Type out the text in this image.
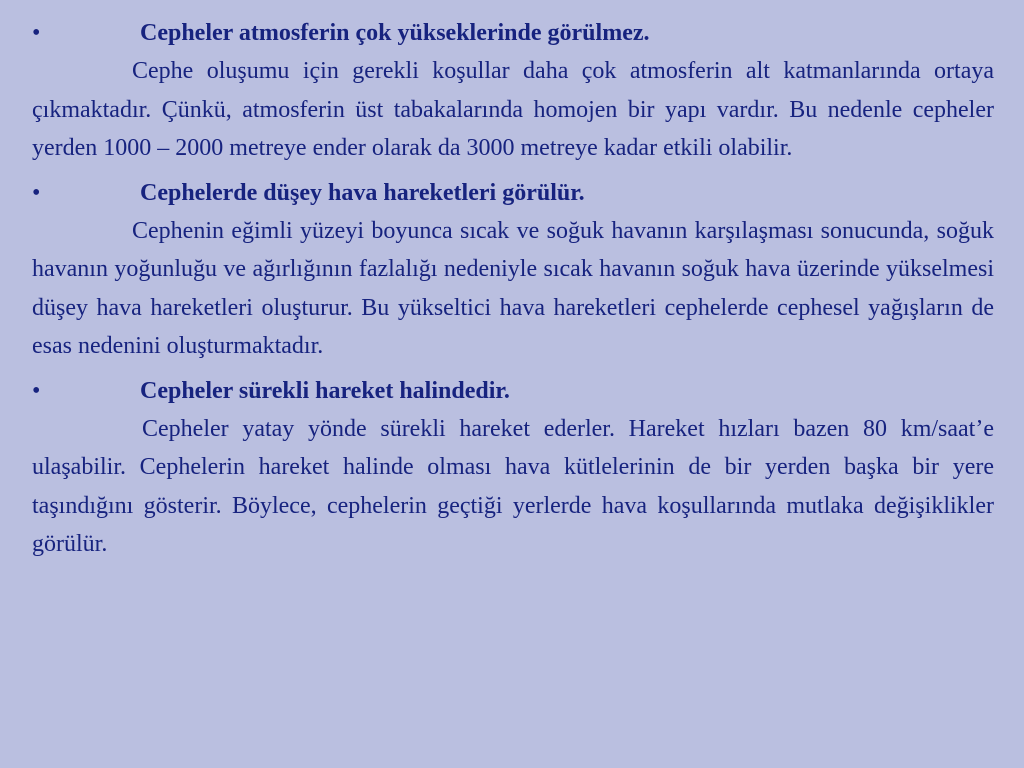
•	Cepheler atmosferin çok yükseklerinde görülmez.

Cephe oluşumu için gerekli koşullar daha çok atmosferin alt katmanlarında ortaya çıkmaktadır. Çünkü, atmosferin üst tabakalarında homojen bir yapı vardır. Bu nedenle cepheler yerden 1000 – 2000 metreye ender olarak da 3000 metreye kadar etkili olabilir.

•	Cephelerde düşey hava hareketleri görülür.

Cephenin eğimli yüzeyi boyunca sıcak ve soğuk havanın karşılaşması sonucunda, soğuk havanın yoğunluğu ve ağırlığının fazlalığı nedeniyle sıcak havanın soğuk hava üzerinde yükselmesi düşey hava hareketleri oluşturur. Bu yükseltici hava hareketleri cephelerde cephesel yağışların de esas nedenini oluşturmaktadır.

•	Cepheler sürekli hareket halindedir.

Cepheler yatay yönde sürekli hareket ederler. Hareket hızları bazen 80 km/saat’e ulaşabilir. Cephelerin hareket halinde olması hava kütlelerinin de bir yerden başka bir yere taşındığını gösterir. Böylece, cephelerin geçtiği yerlerde hava koşullarında mutlaka değişiklikler görülür.
